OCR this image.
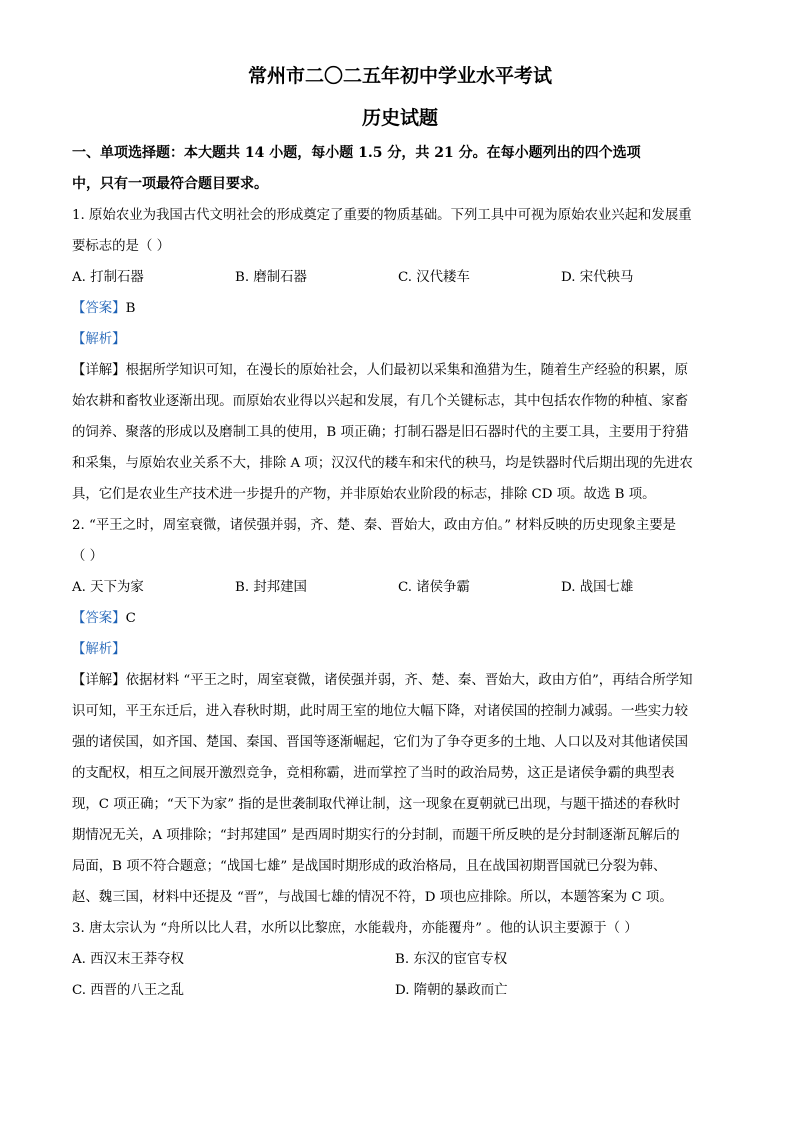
常州市二〇二五年初中学业水平考试
历史试题
一、单项选择题：本大题共 14 小题，每小题 1.5 分，共 21 分。在每小题列出的四个选项
中，只有一项最符合题目要求。

1. 原始农业为我国古代文明社会的形成奠定了重要的物质基础。下列工具中可视为原始农业兴起和发展重

要标志的是（ ）

A. 打制石器	B. 磨制石器	C. 汉代耧车	D. 宋代秧马

【答案】B

【解析】

【详解】根据所学知识可知，在漫长的原始社会，人们最初以采集和渔猎为生，随着生产经验的积累，原

始农耕和畜牧业逐渐出现。而原始农业得以兴起和发展，有几个关键标志，其中包括农作物的种植、家畜

的饲养、聚落的形成以及磨制工具的使用，B 项正确；打制石器是旧石器时代的主要工具，主要用于狩猎

和采集，与原始农业关系不大，排除 A 项；汉汉代的耧车和宋代的秧马，均是铁器时代后期出现的先进农

具，它们是农业生产技术进一步提升的产物，并非原始农业阶段的标志，排除 CD 项。故选 B 项。

2. “平王之时，周室衰微，诸侯强并弱，齐、楚、秦、晋始大，政由方伯。” 材料反映的历史现象主要是

（ ）

A. 天下为家	B. 封邦建国	C. 诸侯争霸	D. 战国七雄

【答案】C

【解析】

【详解】依据材料 “平王之时，周室衰微，诸侯强并弱，齐、楚、秦、晋始大，政由方伯”，再结合所学知

识可知，平王东迁后，进入春秋时期，此时周王室的地位大幅下降，对诸侯国的控制力减弱。一些实力较

强的诸侯国，如齐国、楚国、秦国、晋国等逐渐崛起，它们为了争夺更多的土地、人口以及对其他诸侯国

的支配权，相互之间展开激烈竞争，竞相称霸，进而掌控了当时的政治局势，这正是诸侯争霸的典型表

现，C 项正确；“天下为家” 指的是世袭制取代禅让制，这一现象在夏朝就已出现，与题干描述的春秋时

期情况无关，A 项排除；“封邦建国” 是西周时期实行的分封制，而题干所反映的是分封制逐渐瓦解后的

局面，B 项不符合题意；“战国七雄” 是战国时期形成的政治格局，且在战国初期晋国就已分裂为韩、

赵、魏三国，材料中还提及 “晋”，与战国七雄的情况不符，D 项也应排除。所以，本题答案为 C 项。

3. 唐太宗认为 “舟所以比人君，水所以比黎庶，水能载舟，亦能覆舟” 。他的认识主要源于（ ）

A. 西汉末王莽夺权	B. 东汉的宦官专权
C. 西晋的八王之乱	D. 隋朝的暴政而亡
